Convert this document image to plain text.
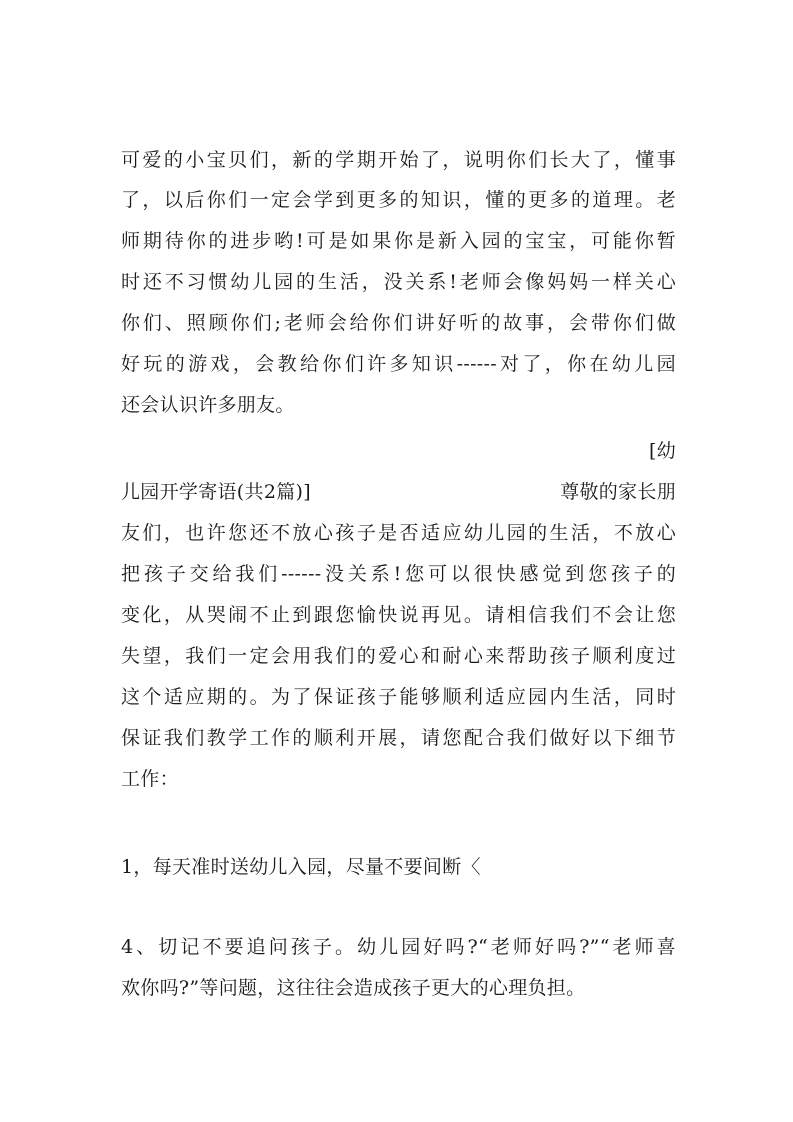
可爱的小宝贝们，新的学期开始了，说明你们长大了，懂事
了，以后你们一定会学到更多的知识，懂的更多的道理。老
师期待你的进步哟!可是如果你是新入园的宝宝，可能你暂
时还不习惯幼儿园的生活，没关系!老师会像妈妈一样关心
你们、照顾你们;老师会给你们讲好听的故事，会带你们做
好玩的游戏，会教给你们许多知识------对了，你在幼儿园
还会认识许多朋友。
[幼
儿园开学寄语(共2篇)]	尊敬的家长朋
友们，也许您还不放心孩子是否适应幼儿园的生活，不放心
把孩子交给我们------没关系!您可以很快感觉到您孩子的
变化，从哭闹不止到跟您愉快说再见。请相信我们不会让您
失望，我们一定会用我们的爱心和耐心来帮助孩子顺利度过
这个适应期的。为了保证孩子能够顺利适应园内生活，同时
保证我们教学工作的顺利开展，请您配合我们做好以下细节
工作：
1，每天准时送幼儿入园，尽量不要间断〈
4、切记不要追问孩子。幼儿园好吗?“老师好吗?”“老师喜
欢你吗?”等问题，这往往会造成孩子更大的心理负担。
